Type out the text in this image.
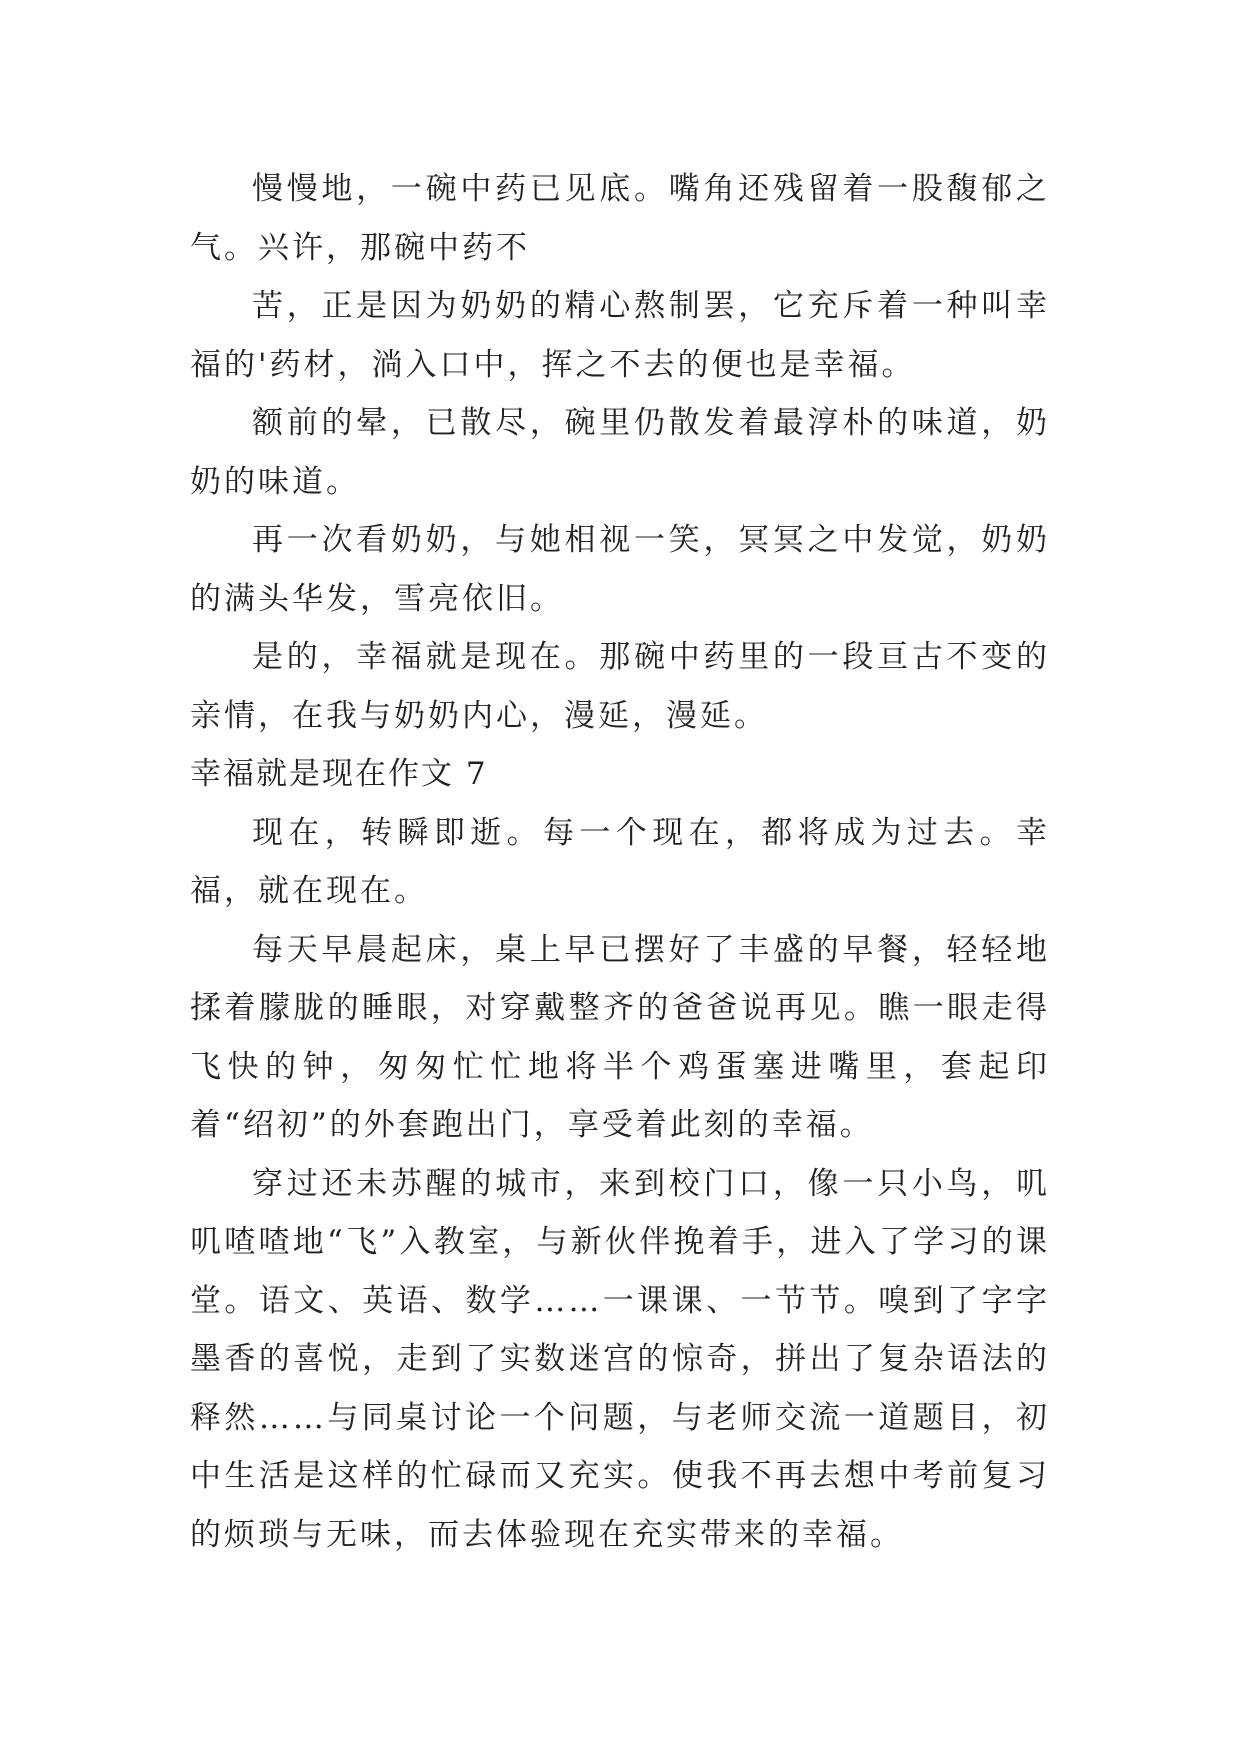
慢慢地，一碗中药已见底。嘴角还残留着一股馥郁之气。兴许，那碗中药不

苦，正是因为奶奶的精心熬制罢，它充斥着一种叫幸福的'药材，淌入口中，挥之不去的便也是幸福。

额前的晕，已散尽，碗里仍散发着最淳朴的味道，奶奶的味道。

再一次看奶奶，与她相视一笑，冥冥之中发觉，奶奶的满头华发，雪亮依旧。

是的，幸福就是现在。那碗中药里的一段亘古不变的亲情，在我与奶奶内心，漫延，漫延。

幸福就是现在作文 7

现在，转瞬即逝。每一个现在，都将成为过去。幸福，就在现在。

每天早晨起床，桌上早已摆好了丰盛的早餐，轻轻地揉着朦胧的睡眼，对穿戴整齐的爸爸说再见。瞧一眼走得飞快的钟，匆匆忙忙地将半个鸡蛋塞进嘴里，套起印着“绍初”的外套跑出门，享受着此刻的幸福。

穿过还未苏醒的城市，来到校门口，像一只小鸟，叽叽喳喳地“飞”入教室，与新伙伴挽着手，进入了学习的课堂。语文、英语、数学……一课课、一节节。嗅到了字字墨香的喜悦，走到了实数迷宫的惊奇，拼出了复杂语法的释然……与同桌讨论一个问题，与老师交流一道题目，初中生活是这样的忙碌而又充实。使我不再去想中考前复习的烦琐与无味，而去体验现在充实带来的幸福。
